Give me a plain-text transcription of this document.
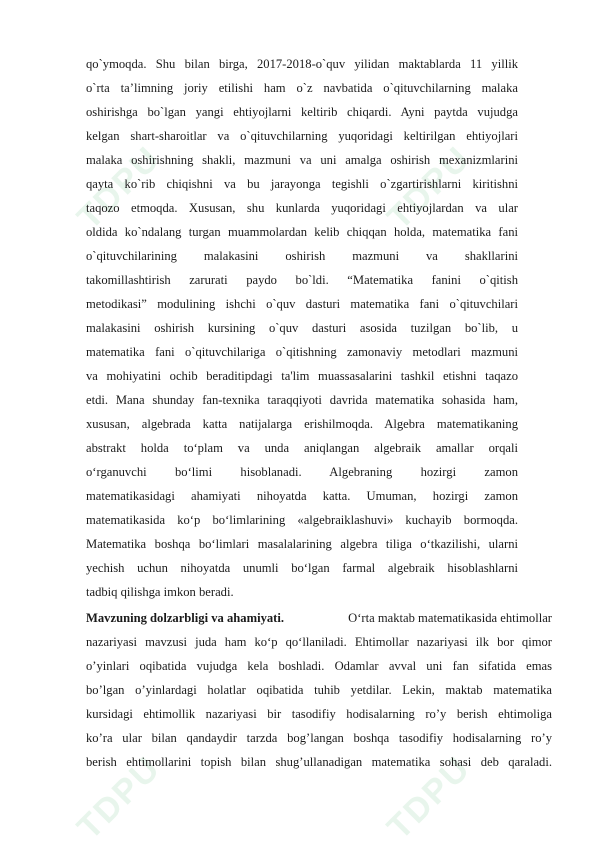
TDPU	TDPU
TDPU	TDPU
qo`ymoqda. Shu bilan birga, 2017-2018-o`quv yilidan maktablarda 11 yillik
o`rta ta’limning joriy etilishi ham o`z navbatida o`qituvchilarning malaka
oshirishga bo`lgan yangi ehtiyojlarni keltirib chiqardi. Ayni paytda vujudga
kelgan shart-sharoitlar va o`qituvchilarning yuqoridagi keltirilgan ehtiyojlari
malaka oshirishning shakli, mazmuni va uni amalga oshirish mexanizmlarini
qayta ko`rib chiqishni va bu jarayonga tegishli o`zgartirishlarni kiritishni
taqozo etmoqda. Xususan, shu kunlarda yuqoridagi ehtiyojlardan va ular
oldida ko`ndalang turgan muammolardan kelib chiqqan holda, matematika fani
o`qituvchilarining malakasini oshirish mazmuni va shakllarini
takomillashtirish zarurati paydo bo`ldi. “Matematika fanini o`qitish
metodikasi” modulining ishchi o`quv dasturi matematika fani o`qituvchilari
malakasini oshirish kursining o`quv dasturi asosida tuzilgan bo`lib, u
matematika fani o`qituvchilariga o`qitishning zamonaviy metodlari mazmuni
va mohiyatini ochib beraditipdagi ta'lim muassasalarini tashkil etishni taqazo
etdi. Mana shunday fan-texnika taraqqiyoti davrida matematika sohasida ham,
xususan, algebrada katta natijalarga erishilmoqda. Algebra matematikaning
abstrakt holda to‘plam va unda aniqlangan algebraik amallar orqali
o‘rganuvchi bo‘limi hisoblanadi. Algebraning hozirgi zamon
matematikasidagi ahamiyati nihoyatda katta. Umuman, hozirgi zamon
matematikasida ko‘p bo‘limlarining «algebraiklashuvi» kuchayib bormoqda.
Matematika boshqa bo‘limlari masalalarining algebra tiliga o‘tkazilishi, ularni
yechish uchun nihoyatda unumli bo‘lgan farmal algebraik hisoblashlarni
tadbiq qilishga imkon beradi.
Mavzuning dolzarbligi va ahamiyati.	O‘rta maktab matematikasida ehtimollar
nazariyasi mavzusi juda ham ko‘p qo‘llaniladi. Ehtimollar nazariyasi ilk bor qimor
o’yinlari oqibatida vujudga kela boshladi. Odamlar avval uni fan sifatida emas
bo’lgan o’yinlardagi holatlar oqibatida tuhib yetdilar. Lekin, maktab matematika
kursidagi ehtimollik nazariyasi bir tasodifiy hodisalarning ro’y berish ehtimoliga
ko’ra ular bilan qandaydir tarzda bog’langan boshqa tasodifiy hodisalarning ro’y
berish ehtimollarini topish bilan shug’ullanadigan matematika sohasi deb qaraladi.
